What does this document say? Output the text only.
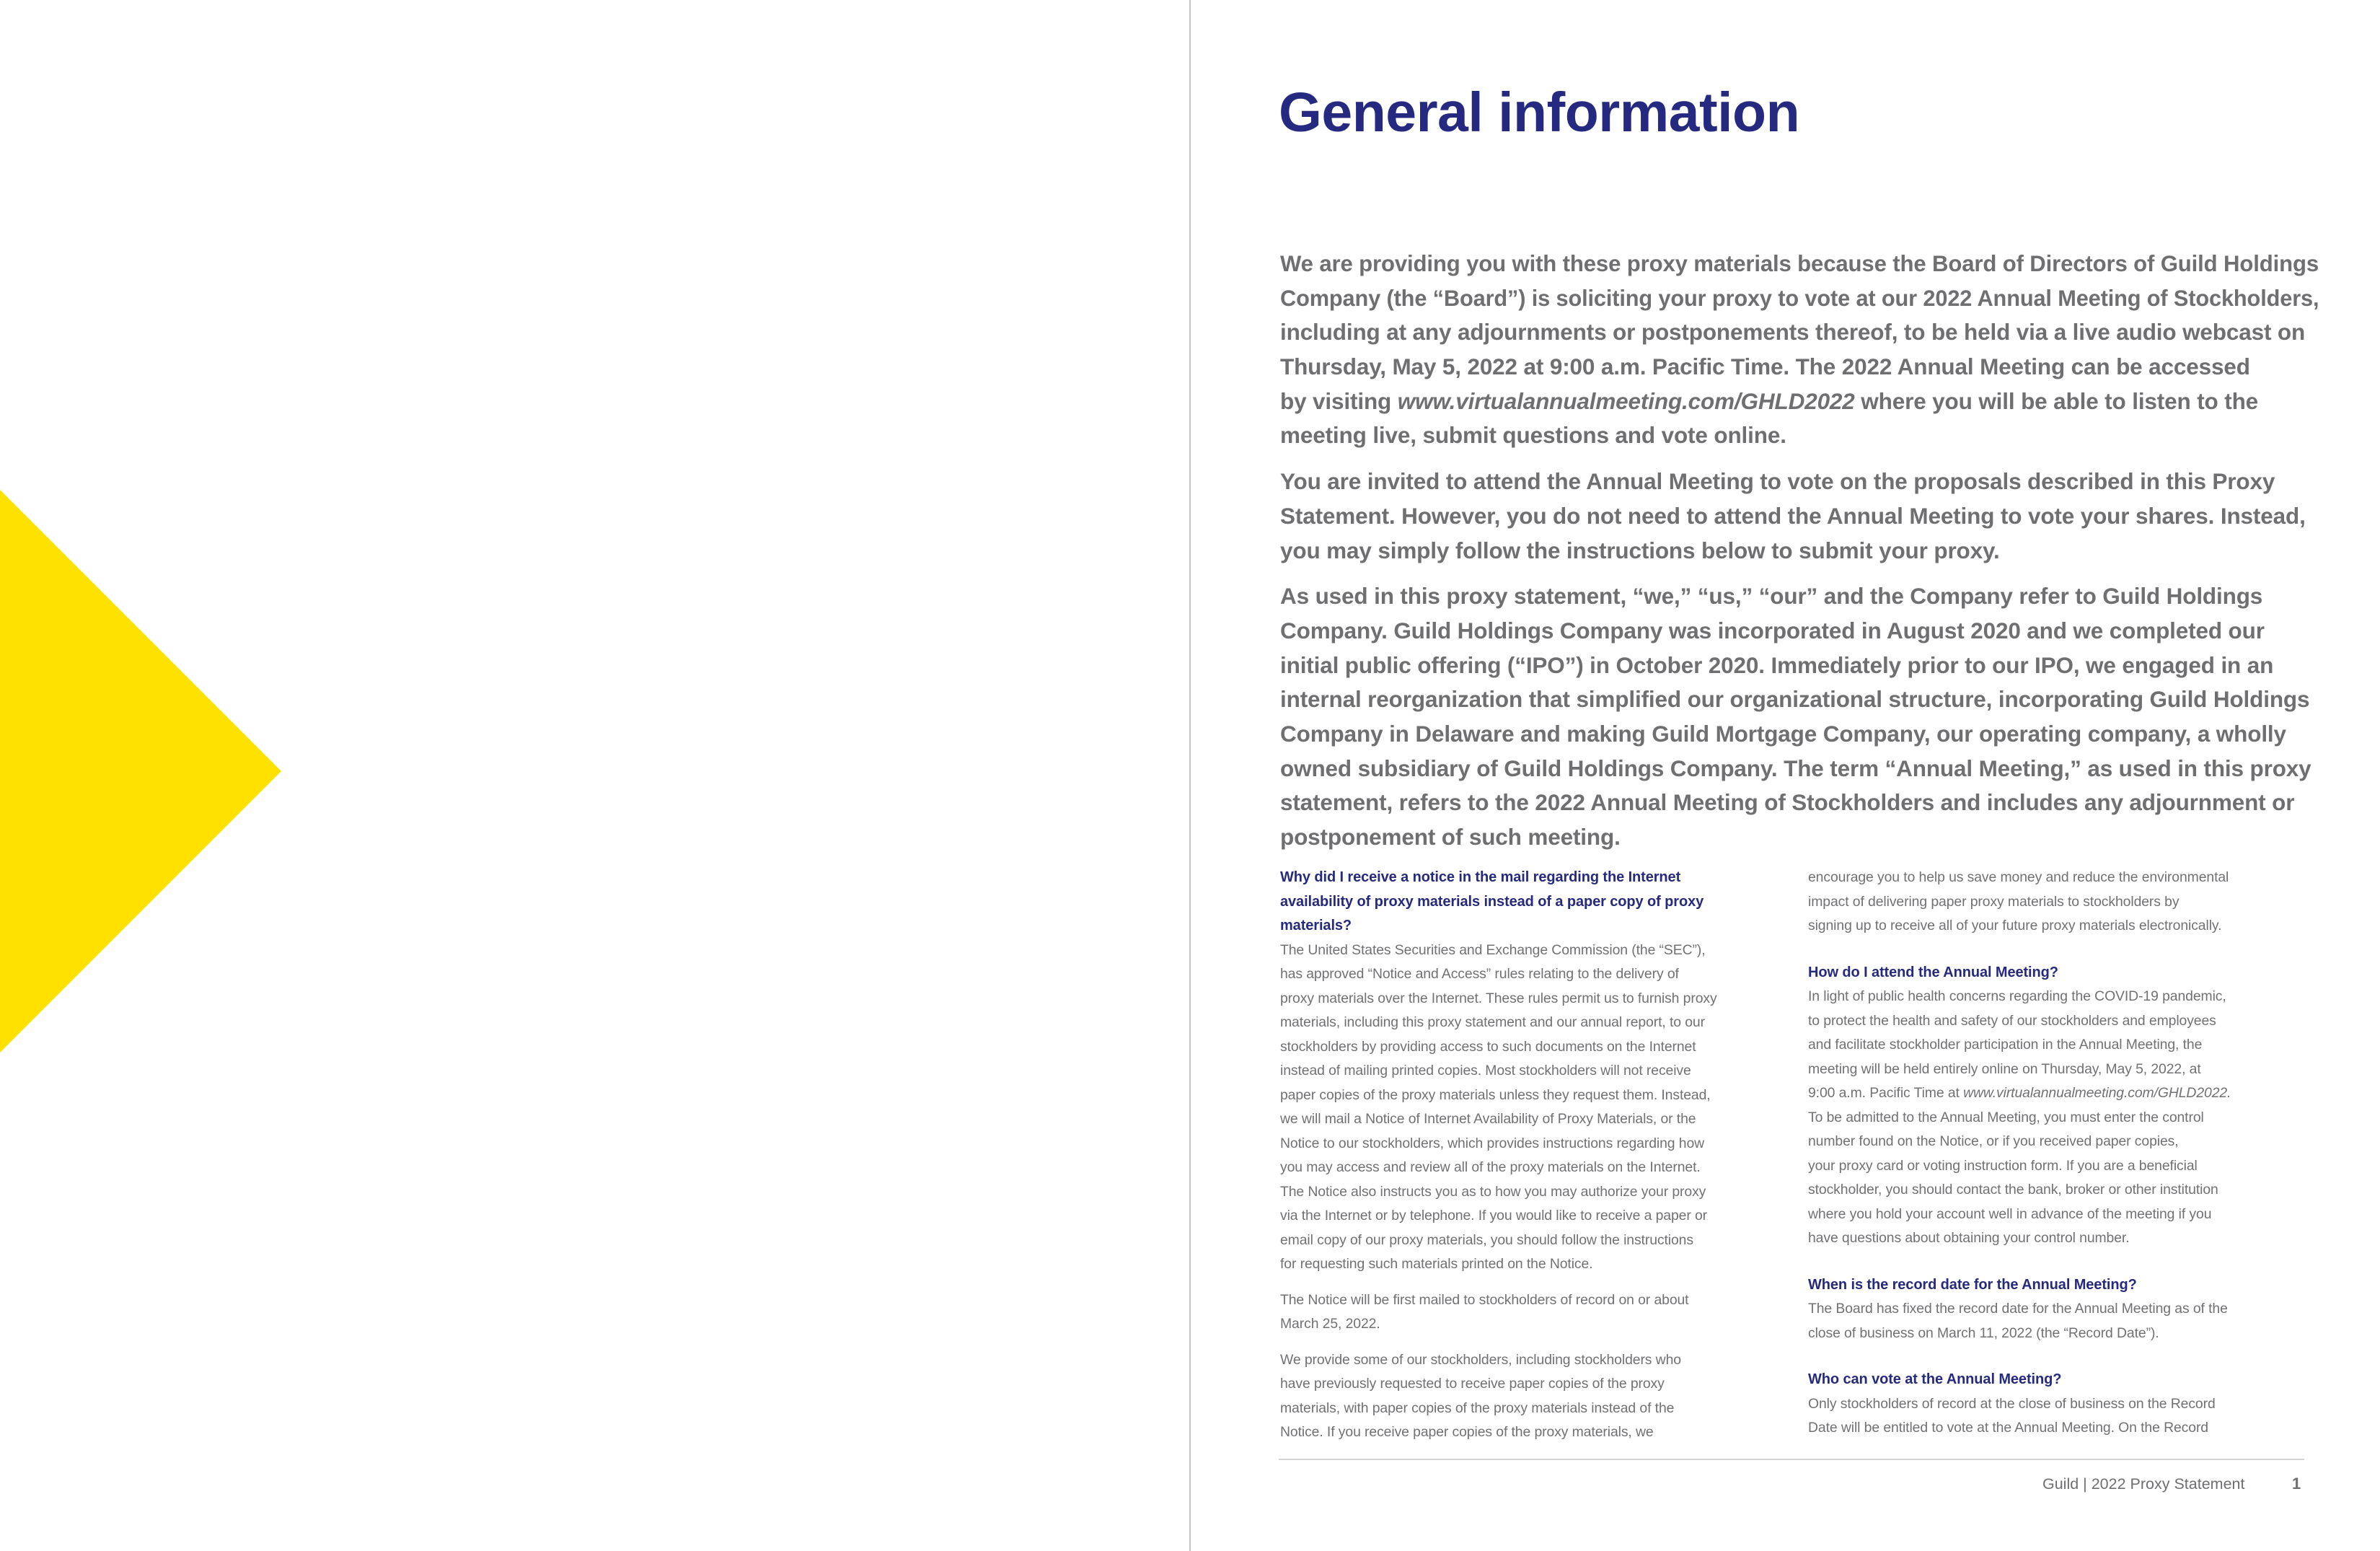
General information

We are providing you with these proxy materials because the Board of Directors of Guild Holdings
Company (the “Board”) is soliciting your proxy to vote at our 2022 Annual Meeting of Stockholders,
including at any adjournments or postponements thereof, to be held via a live audio webcast on
Thursday, May 5, 2022 at 9:00 a.m. Pacific Time. The 2022 Annual Meeting can be accessed
by visiting www.virtualannualmeeting.com/GHLD2022 where you will be able to listen to the
meeting live, submit questions and vote online.

You are invited to attend the Annual Meeting to vote on the proposals described in this Proxy
Statement. However, you do not need to attend the Annual Meeting to vote your shares. Instead,
you may simply follow the instructions below to submit your proxy.

As used in this proxy statement, “we,” “us,” “our” and the Company refer to Guild Holdings
Company. Guild Holdings Company was incorporated in August 2020 and we completed our
initial public offering (“IPO”) in October 2020. Immediately prior to our IPO, we engaged in an
internal reorganization that simplified our organizational structure, incorporating Guild Holdings
Company in Delaware and making Guild Mortgage Company, our operating company, a wholly
owned subsidiary of Guild Holdings Company. The term “Annual Meeting,” as used in this proxy
statement, refers to the 2022 Annual Meeting of Stockholders and includes any adjournment or
postponement of such meeting.

Why did I receive a notice in the mail regarding the Internet
availability of proxy materials instead of a paper copy of proxy
materials?

The United States Securities and Exchange Commission (the “SEC”),
has approved “Notice and Access” rules relating to the delivery of
proxy materials over the Internet. These rules permit us to furnish proxy
materials, including this proxy statement and our annual report, to our
stockholders by providing access to such documents on the Internet
instead of mailing printed copies. Most stockholders will not receive
paper copies of the proxy materials unless they request them. Instead,
we will mail a Notice of Internet Availability of Proxy Materials, or the
Notice to our stockholders, which provides instructions regarding how
you may access and review all of the proxy materials on the Internet.
The Notice also instructs you as to how you may authorize your proxy
via the Internet or by telephone. If you would like to receive a paper or
email copy of our proxy materials, you should follow the instructions
for requesting such materials printed on the Notice.

The Notice will be first mailed to stockholders of record on or about
March 25, 2022.

We provide some of our stockholders, including stockholders who
have previously requested to receive paper copies of the proxy
materials, with paper copies of the proxy materials instead of the
Notice. If you receive paper copies of the proxy materials, we

encourage you to help us save money and reduce the environmental
impact of delivering paper proxy materials to stockholders by
signing up to receive all of your future proxy materials electronically.

How do I attend the Annual Meeting?

In light of public health concerns regarding the COVID-19 pandemic,
to protect the health and safety of our stockholders and employees
and facilitate stockholder participation in the Annual Meeting, the
meeting will be held entirely online on Thursday, May 5, 2022, at
9:00 a.m. Pacific Time at www.virtualannualmeeting.com/GHLD2022.
To be admitted to the Annual Meeting, you must enter the control
number found on the Notice, or if you received paper copies,
your proxy card or voting instruction form. If you are a beneficial
stockholder, you should contact the bank, broker or other institution
where you hold your account well in advance of the meeting if you
have questions about obtaining your control number.

When is the record date for the Annual Meeting?

The Board has fixed the record date for the Annual Meeting as of the
close of business on March 11, 2022 (the “Record Date”).

Who can vote at the Annual Meeting?

Only stockholders of record at the close of business on the Record
Date will be entitled to vote at the Annual Meeting. On the Record

Guild | 2022 Proxy Statement	1
